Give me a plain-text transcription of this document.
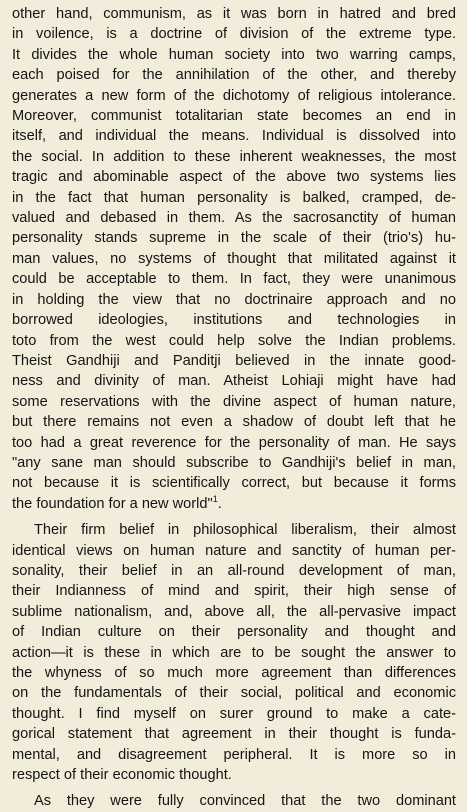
other hand, communism, as it was born in hatred and bred
in voilence, is a doctrine of division of the extreme type.
It divides the whole human society into two warring camps,
each poised for the annihilation of the other, and thereby
generates a new form of the dichotomy of religious intolerance.
Moreover, communist totalitarian state becomes an end in
itself, and individual the means. Individual is dissolved into
the social. In addition to these inherent weaknesses, the most
tragic and abominable aspect of the above two systems lies
in the fact that human personality is balked, cramped, de-
valued and debased in them. As the sacrosanctity of human
personality stands supreme in the scale of their (trio's) hu-
man values, no systems of thought that militated against it
could be acceptable to them. In fact, they were unanimous
in holding the view that no doctrinaire approach and no
borrowed ideologies, institutions and technologies in
toto from the west could help solve the Indian problems.
Theist Gandhiji and Panditji believed in the innate good-
ness and divinity of man. Atheist Lohiaji might have had
some reservations with the divine aspect of human nature,
but there remains not even a shadow of doubt left that he
too had a great reverence for the personality of man. He says
"any sane man should subscribe to Gandhiji's belief in man,
not because it is scientifically correct, but because it forms
the foundation for a new world"$^1$.
Their firm belief in philosophical liberalism, their almost
identical views on human nature and sanctity of human per-
sonality, their belief in an all-round development of man,
their Indianness of mind and spirit, their high sense of
sublime nationalism, and, above all, the all-pervasive impact
of Indian culture on their personality and thought and
action—it is these in which are to be sought the answer to
the whyness of so much more agreement than differences
on the fundamentals of their social, political and economic
thought. I find myself on surer ground to make a cate-
gorical statement that agreement in their thought is funda-
mental, and disagreement peripheral. It is more so in
respect of their economic thought.
As they were fully convinced that the two dominant
